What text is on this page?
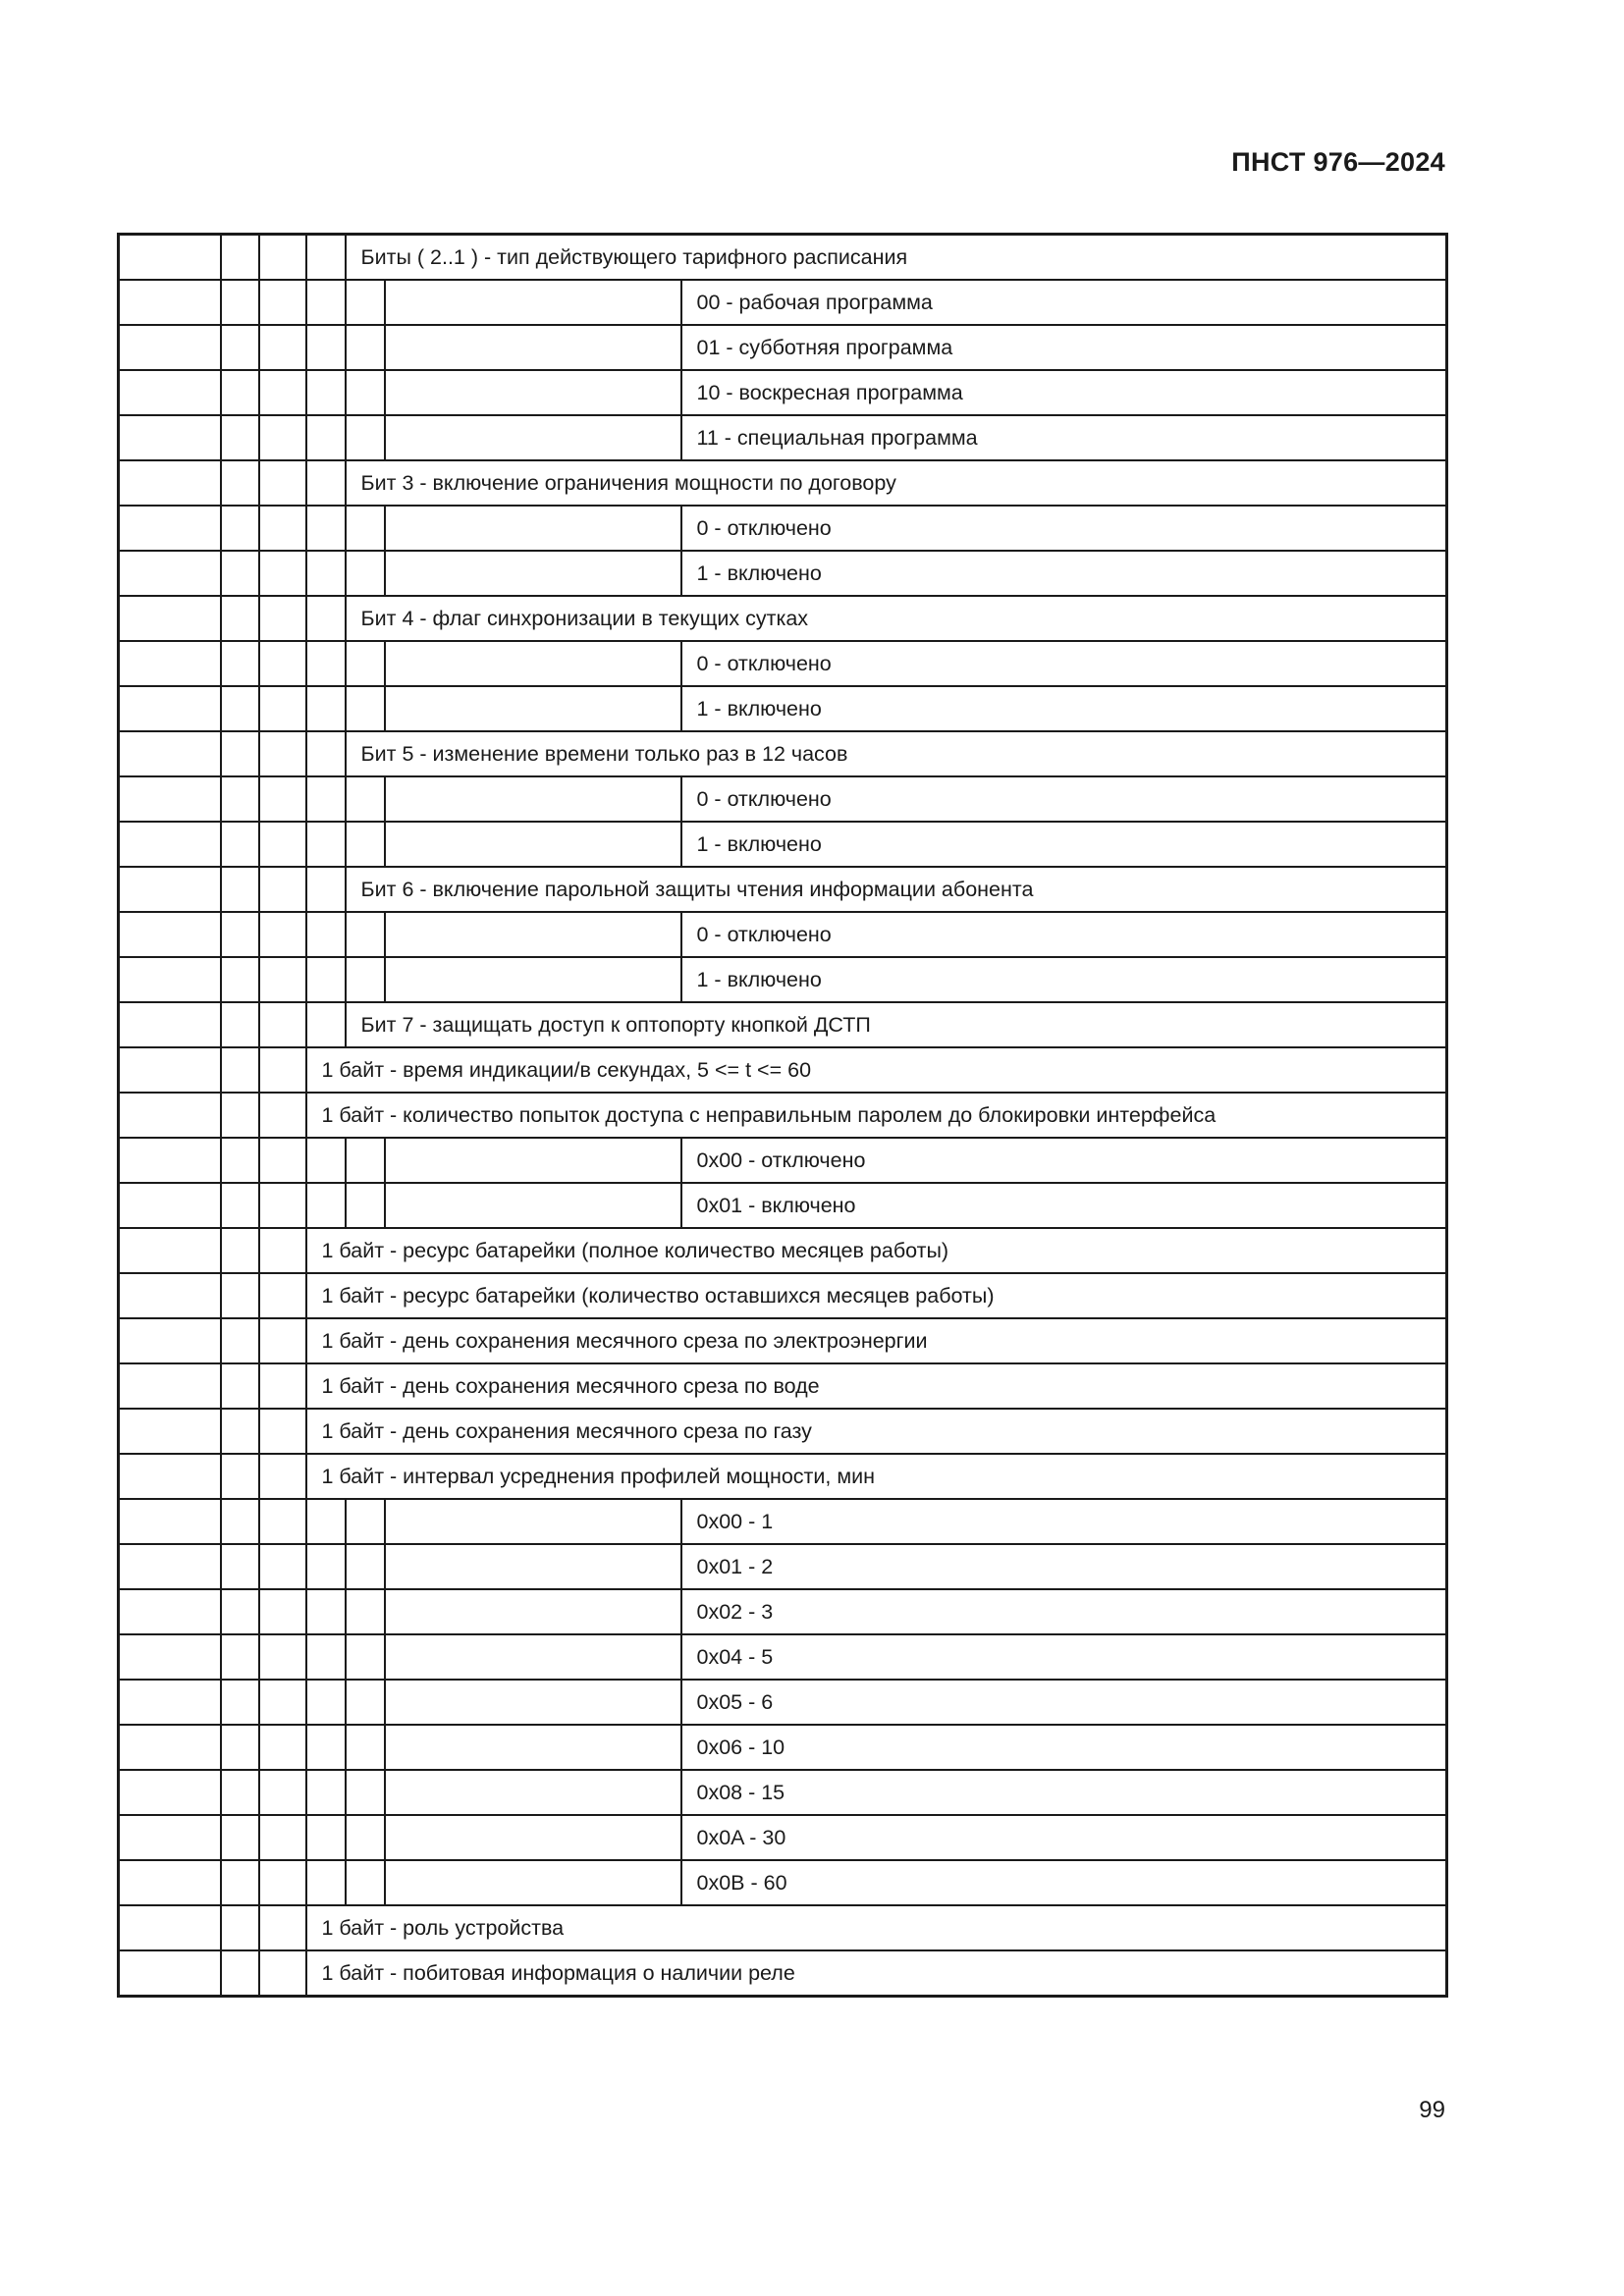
ПНСТ 976—2024
				Биты ( 2..1 ) - тип действующего тарифного расписания		
						00 - рабочая программа
						01 - субботняя программа
						10 - воскресная программа
						11 - специальная программа
				Бит 3 - включение ограничения мощности по договору		
						0 - отключено
						1 - включено
				Бит 4 - флаг синхронизации в текущих сутках		
						0 - отключено
						1 - включено
				Бит 5 - изменение времени только раз в 12 часов		
						0 - отключено
						1 - включено
				Бит 6 - включение парольной защиты чтения информации абонента		
						0 - отключено
						1 - включено
				Бит 7 - защищать доступ к оптопорту кнопкой ДСТП		
			1 байт - время индикации/в секундах, 5 <= t <= 60			
			1 байт - количество попыток доступа с неправильным паролем до блокировки интерфейса			
						0x00 - отключено
						0x01 - включено
			1 байт - ресурс батарейки (полное количество месяцев работы)			
			1 байт - ресурс батарейки (количество оставшихся месяцев работы)			
			1 байт - день сохранения месячного среза по электроэнергии			
			1 байт - день сохранения месячного среза по воде			
			1 байт - день сохранения месячного среза по газу			
			1 байт - интервал усреднения профилей мощности, мин			
						0x00 - 1
						0x01 - 2
						0x02 - 3
						0x04 - 5
						0x05 - 6
						0x06 - 10
						0x08 - 15
						0x0A - 30
						0x0B - 60
			1 байт - роль устройства			
			1 байт - побитовая информация о наличии реле			
99
